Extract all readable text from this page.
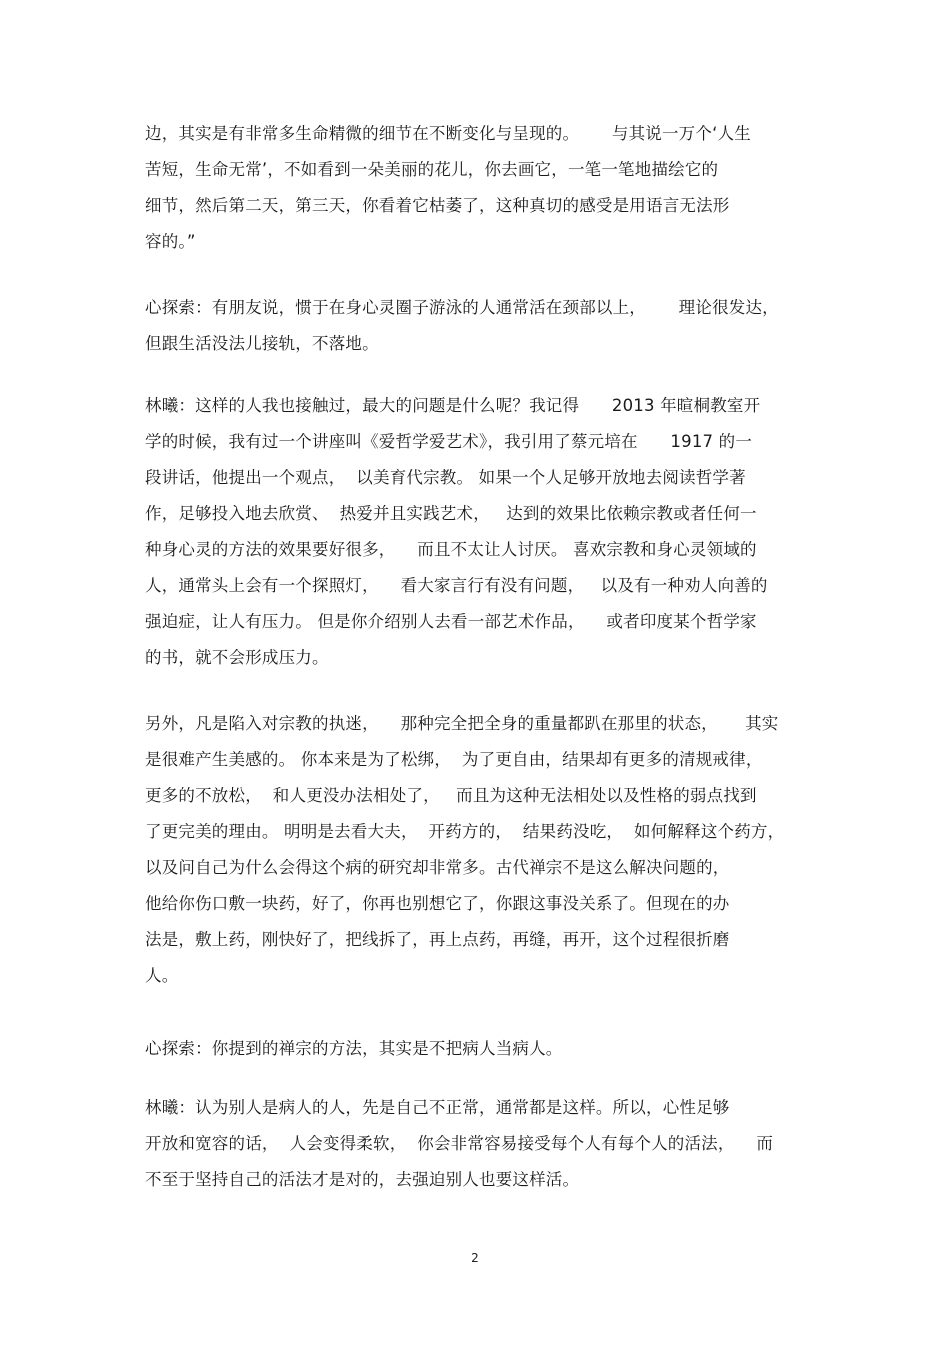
边，其实是有非常多生命精微的细节在不断变化与呈现的。      与其说一万个‘人生
苦短，生命无常’，不如看到一朵美丽的花儿，你去画它，一笔一笔地描绘它的
细节，然后第二天，第三天，你看着它枯萎了，这种真切的感受是用语言无法形
容的。”
心探索：有朋友说，惯于在身心灵圈子游泳的人通常活在颈部以上，      理论很发达，
但跟生活没法儿接轨，不落地。
林曦：这样的人我也接触过，最大的问题是什么呢？我记得      2013 年暄桐教室开
学的时候，我有过一个讲座叫《爱哲学爱艺术》，我引用了蔡元培在      1917 的一
段讲话，他提出一个观点，  以美育代宗教。 如果一个人足够开放地去阅读哲学著
作，足够投入地去欣赏、  热爱并且实践艺术，   达到的效果比依赖宗教或者任何一
种身心灵的方法的效果要好很多，    而且不太让人讨厌。 喜欢宗教和身心灵领域的
人，通常头上会有一个探照灯，    看大家言行有没有问题，   以及有一种劝人向善的
强迫症，让人有压力。 但是你介绍别人去看一部艺术作品，    或者印度某个哲学家
的书，就不会形成压力。
另外，凡是陷入对宗教的执迷，    那种完全把全身的重量都趴在那里的状态，     其实
是很难产生美感的。 你本来是为了松绑，  为了更自由，结果却有更多的清规戒律，
更多的不放松，  和人更没办法相处了，   而且为这种无法相处以及性格的弱点找到
了更完美的理由。 明明是去看大夫，  开药方的，  结果药没吃，  如何解释这个药方，
以及问自己为什么会得这个病的研究却非常多。古代禅宗不是这么解决问题的，
他给你伤口敷一块药，好了，你再也别想它了，你跟这事没关系了。但现在的办
法是，敷上药，刚快好了，把线拆了，再上点药，再缝，再开，这个过程很折磨
人。
心探索：你提到的禅宗的方法，其实是不把病人当病人。
林曦：认为别人是病人的人，先是自己不正常，通常都是这样。所以，心性足够
开放和宽容的话，  人会变得柔软，  你会非常容易接受每个人有每个人的活法，    而
不至于坚持自己的活法才是对的，去强迫别人也要这样活。
2
